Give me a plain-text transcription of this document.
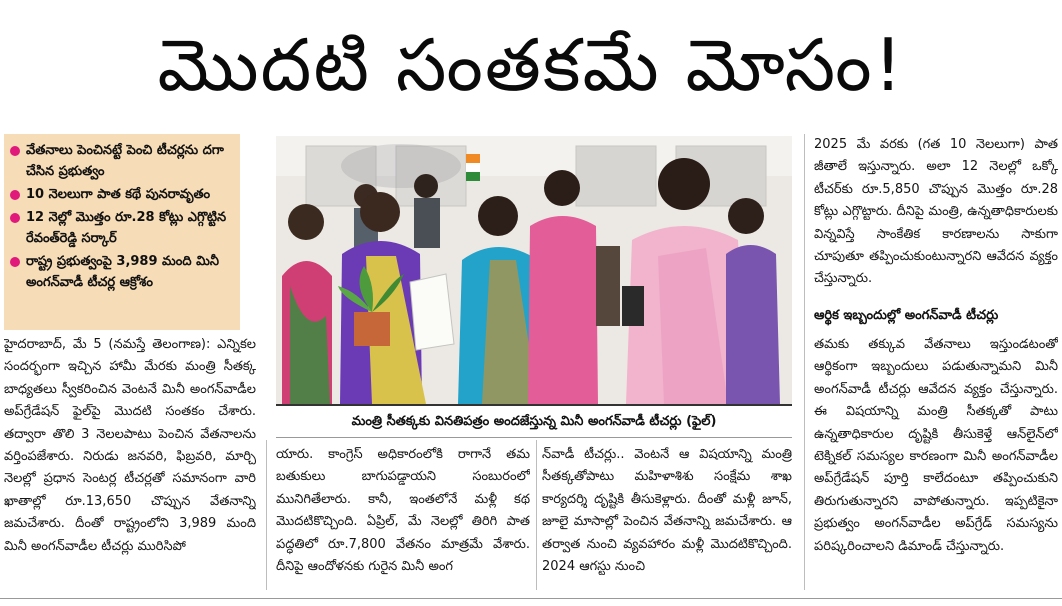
మొదటి సంతకమే మోసం!
వేతనాలు పెంచినట్టే పెంచి టీచర్లను దగా చేసిన ప్రభుత్వం
10 నెలలుగా పాత కథే పునరావృతం
12 నెల్లో మొత్తం రూ.28 కోట్లు ఎగ్గొట్టిన రేవంత్‌రెడ్డి సర్కార్
రాష్ట్ర ప్రభుత్వంపై 3,989 మంది మినీ అంగన్‌వాడీ టీచర్ల ఆక్రోశం
మంత్రి సీతక్కకు వినతిపత్రం అందజేస్తున్న మినీ అంగన్‌వాడీ టీచర్లు (ఫైల్)

హైదరాబాద్, మే 5 (నమస్తే తెలంగాణ): ఎన్నికల సందర్భంగా ఇచ్చిన హామీ మేరకు మంత్రి సీతక్క బాధ్యతలు స్వీకరించిన వెంటనే మినీ అంగన్‌వాడీల అప్‌గ్రేడేషన్ ఫైల్‌పై మొదటి సంతకం చేశారు. తద్వారా తొలి 3 నెలలపాటు పెంచిన వేతనాలను వర్తింపజేశారు. నిరుడు జనవరి, ఫిబ్రవరి, మార్చి నెలల్లో ప్రధాన సెంటర్ల టీచర్లతో సమానంగా వారి ఖాతాల్లో రూ.13,650 చొప్పున వేతనాన్ని జమచేశారు. దీంతో రాష్ట్రంలోని 3,989 మంది మినీ అంగన్‌వాడీల టీచర్లు మురిసిపో

యారు. కాంగ్రెస్ అధికారంలోకి రాగానే తమ బతుకులు బాగుపడ్డాయని సంబురంలో మునిగితేలారు. కానీ, ఇంతలోనే మళ్లీ కథ మొదటికొచ్చింది. ఏప్రిల్, మే నెలల్లో తిరిగి పాత పద్ధతిలో రూ.7,800 వేతనం మాత్రమే వేశారు. దీనిపై ఆందోళనకు గురైన మినీ అంగ

న్‌వాడీ టీచర్లు.. వెంటనే ఆ విషయాన్ని మంత్రి సీతక్కతోపాటు మహిళాశిశు సంక్షేమ శాఖ కార్యదర్శి దృష్టికి తీసుకెళ్లారు. దీంతో మళ్లీ జూన్, జూలై మాసాల్లో పెంచిన వేతనాన్ని జమచేశారు. ఆ తర్వాత నుంచి వ్యవహారం మళ్లీ మొదటికొచ్చింది. 2024 ఆగస్టు నుంచి

2025 మే వరకు (గత 10 నెలలుగా) పాత జీతాలే ఇస్తున్నారు. అలా 12 నెలల్లో ఒక్కో టీచర్‌కు రూ.5,850 చొప్పున మొత్తం రూ.28 కోట్లు ఎగ్గొట్టారు. దీనిపై మంత్రి, ఉన్నతాధికారులకు విన్నవిస్తే సాంకేతిక కారణాలను సాకుగా చూపుతూ తప్పించుకుంటున్నారని ఆవేదన వ్యక్తం చేస్తున్నారు.

ఆర్థిక ఇబ్బందుల్లో అంగన్‌వాడీ టీచర్లు

తమకు తక్కువ వేతనాలు ఇస్తుండటంతో ఆర్థికంగా ఇబ్బందులు పడుతున్నామని మినీ అంగన్‌వాడీ టీచర్లు ఆవేదన వ్యక్తం చేస్తున్నారు. ఈ విషయాన్ని మంత్రి సీతక్కతో పాటు ఉన్నతాధికారుల దృష్టికి తీసుకెళ్తే ఆన్‌లైన్‌లో టెక్నికల్ సమస్యల కారణంగా మినీ అంగన్‌వాడీల అప్‌గ్రేడేషన్ పూర్తి కాలేదంటూ తప్పించుకుని తిరుగుతున్నారని వాపోతున్నారు. ఇప్పటికైనా ప్రభుత్వం అంగన్‌వాడీల అప్‌గ్రేడ్ సమస్యను పరిష్కరించాలని డిమాండ్ చేస్తున్నారు.
